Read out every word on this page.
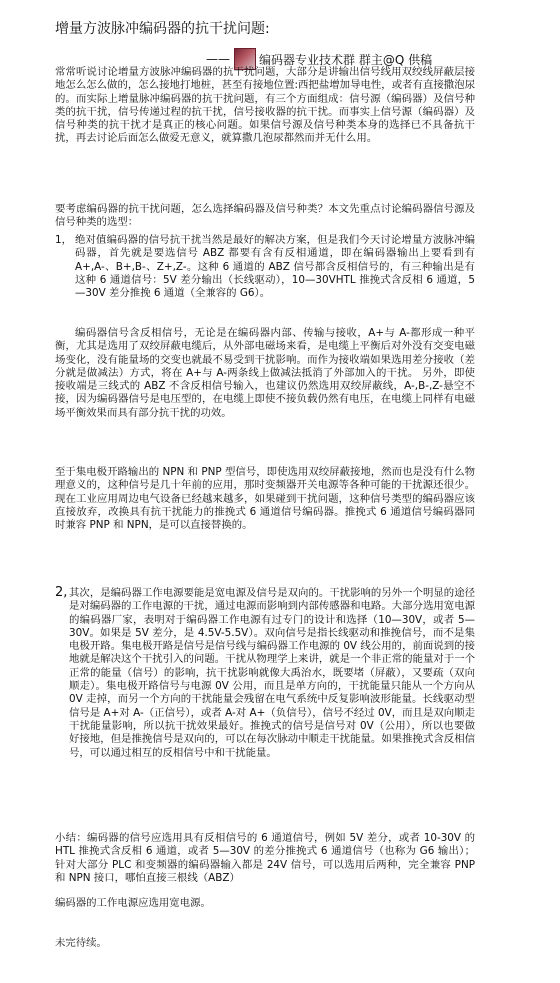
增量方波脉冲编码器的抗干扰问题:
—— 编码器专业技术群 群主@Q 供稿

常常听说讨论增量方波脉冲编码器的抗干扰问题，大部分是讲输出信号线用双绞线屏蔽层接地怎么怎么做的，怎么接地打地桩，甚至有接地位置:西把盐增加导电性，或者有直接撒泡尿的。而实际上增量脉冲编码器的抗干扰问题，有三个方面组成：信号源（编码器）及信号种类的抗干扰，信号传递过程的抗干扰，信号接收器的抗干扰。而事实上信号源（编码器）及信号种类的抗干扰才是真正的核心问题。如果信号源及信号种类本身的选择已不具备抗干扰，再去讨论后面怎么做爱无意义，就算撒几泡尿都然而并无什么用。

要考虑编码器的抗干扰问题，怎么选择编码器及信号种类？本文先重点讨论编码器信号源及信号种类的选型：

1， 绝对值编码器的信号抗干扰当然是最好的解决方案，但是我们今天讨论增量方波脉冲编码器，首先就是要选信号 ABZ 都要有含有反相通道，即在编码器输出上要看到有 A+,A-、B+,B-、Z+,Z-。这种 6 通道的 ABZ 信号都含反相信号的，有三种输出是有这种 6 通道信号：5V 差分输出（长线驱动），10—30VHTL 推挽式含反相 6 通道，5—30V 差分推挽 6 通道（全兼容的 G6）。

编码器信号含反相信号，无论是在编码器内部、传输与接收，A+与 A-都形成一种平衡，尤其是选用了双绞屏蔽电缆后，从外部电磁场来看，是电缆上平衡后对外没有交变电磁场变化，没有能量场的交变也就最不易受到干扰影响。而作为接收端如果选用差分接收（差分就是做减法）方式，将在 A+与 A-两条线上做减法抵消了外部加入的干扰。 另外，即使接收端是三线式的 ABZ 不含反相信号输入，也建议仍然选用双绞屏蔽线，A-,B-,Z-悬空不接，因为编码器信号是电压型的，在电缆上即使不接负载仍然有电压，在电缆上同样有电磁场平衡效果而具有部分抗干扰的功效。

至于集电极开路输出的 NPN 和 PNP 型信号，即使选用双绞屏蔽接地，然而也是没有什么物理意义的，这种信号是几十年前的应用，那时变频器开关电源等各种可能的干扰源还很少。现在工业应用周边电气设备已经越来越多，如果碰到干扰问题，这种信号类型的编码器应该直接放弃，改换具有抗干扰能力的推挽式 6 通道信号编码器。推挽式 6 通道信号编码器同时兼容 PNP 和 NPN，是可以直接替换的。

2, 其次，是编码器工作电源要能是宽电源及信号是双向的。干扰影响的另外一个明显的途径是对编码器的工作电源的干扰，通过电源而影响到内部传感器和电路。大部分选用宽电源的编码器厂家，表明对于编码器工作电源有过专门的设计和选择（10—30V，或者 5—30V。如果是 5V 差分，是 4.5V-5.5V）。双向信号是指长线驱动和推挽信号，而不是集电极开路。集电极开路是信号是信号线与编码器工作电源的 0V 线公用的，前面说到的接地就是解决这个干扰引入的问题。干扰从物理学上来讲，就是一个非正常的能量对于一个正常的能量（信号）的影响，抗干扰影响就像大禹治水，既要堵（屏蔽），又要疏（双向顺走）。集电极开路信号与电源 0V 公用，而且是单方向的，干扰能量只能从一个方向从 0V 走掉，而另一个方向的干扰能量会残留在电气系统中反复影响波形能量。长线驱动型信号是 A+对 A-（正信号），或者 A-对 A+（负信号），信号不经过 0V，而且是双向顺走干扰能量影响，所以抗干扰效果最好。推挽式的信号是信号对 0V（公用），所以也要做好接地，但是推挽信号是双向的，可以在每次脉动中顺走干扰能量。如果推挽式含反相信号，可以通过相互的反相信号中和干扰能量。

小结：编码器的信号应选用具有反相信号的 6 通道信号，例如 5V 差分，或者 10-30V 的 HTL 推挽式含反相 6 通道，或者 5—30V 的差分推挽式 6 通道信号（也称为 G6 输出）；针对大部分 PLC 和变频器的编码器输入都是 24V 信号，可以选用后两种，完全兼容 PNP 和 NPN 接口，哪怕直接三根线（ABZ）

编码器的工作电源应选用宽电源。

未完待续。
